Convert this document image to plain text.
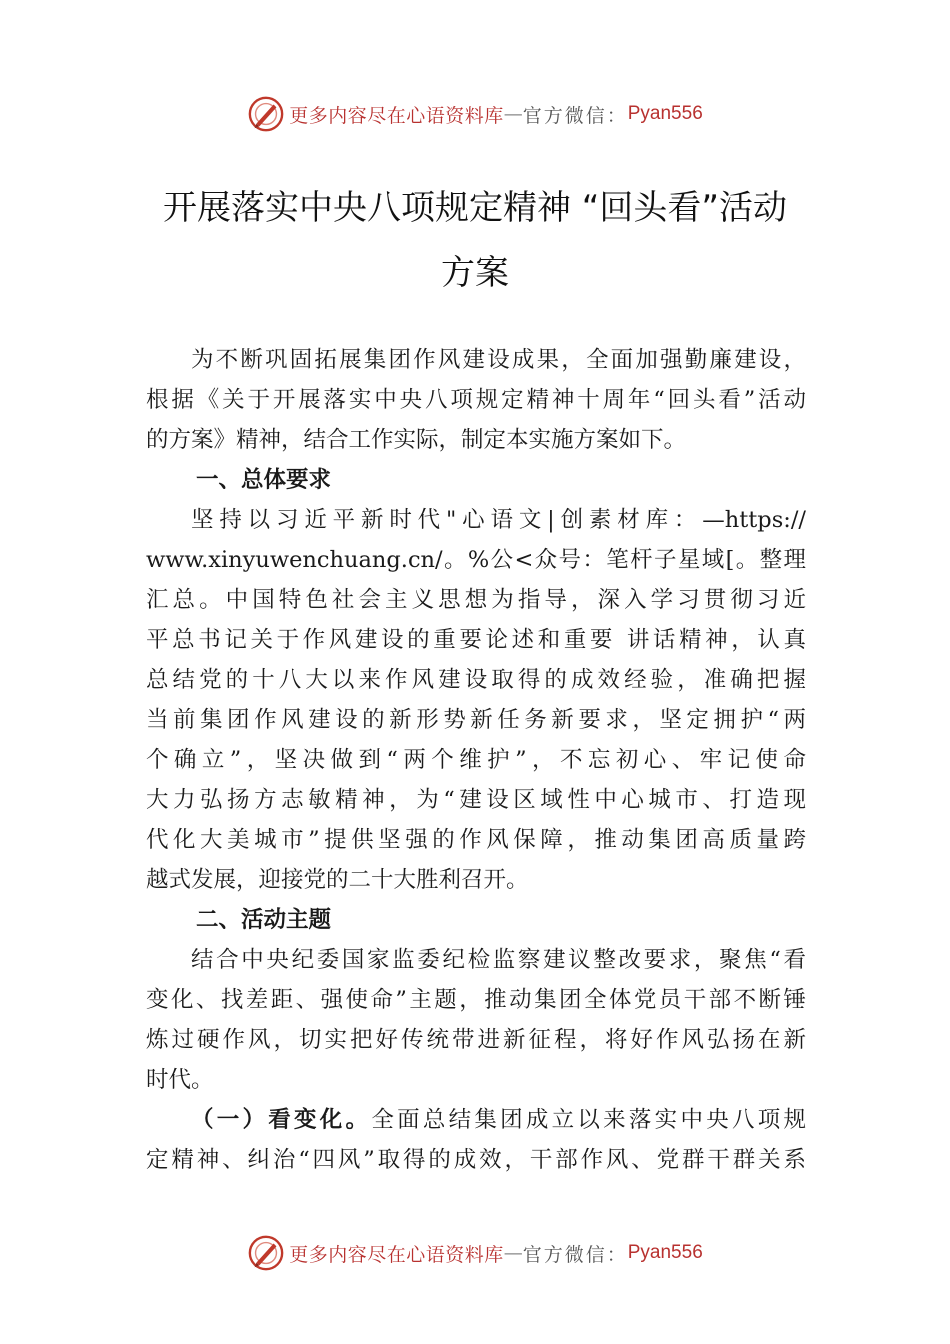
更多内容尽在心语资料库 — 官方微信： Pyan556
开展落实中央八项规定精神 “回头看”活动
方案

为不断巩固拓展集团作风建设成果，全面加强勤廉建设，

根据《关于开展落实中央八项规定精神十周年“回头看”活动

的方案》精神，结合工作实际，制定本实施方案如下。

一、总体要求

坚持以习近平新时代"心语文|创素材库：—https://

www.xinyuwenchuang.cn/。%公<众号：笔杆子星域[。整理

汇总。中国特色社会主义思想为指导，深入学习贯彻习近

平总书记关于作风建设的重要论述和重要 讲话精神，认真

总结党的十八大以来作风建设取得的成效经验，准确把握

当前集团作风建设的新形势新任务新要求，坚定拥护“两

个确立”，坚决做到“两个维护”，不忘初心、牢记使命

大力弘扬方志敏精神，为“建设区域性中心城市、打造现

代化大美城市”提供坚强的作风保障，推动集团高质量跨

越式发展，迎接党的二十大胜利召开。

二、活动主题

结合中央纪委国家监委纪检监察建议整改要求，聚焦“看

变化、找差距、强使命”主题，推动集团全体党员干部不断锤

炼过硬作风，切实把好传统带进新征程，将好作风弘扬在新

时代。

（一）看变化。全面总结集团成立以来落实中央八项规

定精神、纠治“四风”取得的成效，干部作风、党群干群关系

更多内容尽在心语资料库 — 官方微信： Pyan556
